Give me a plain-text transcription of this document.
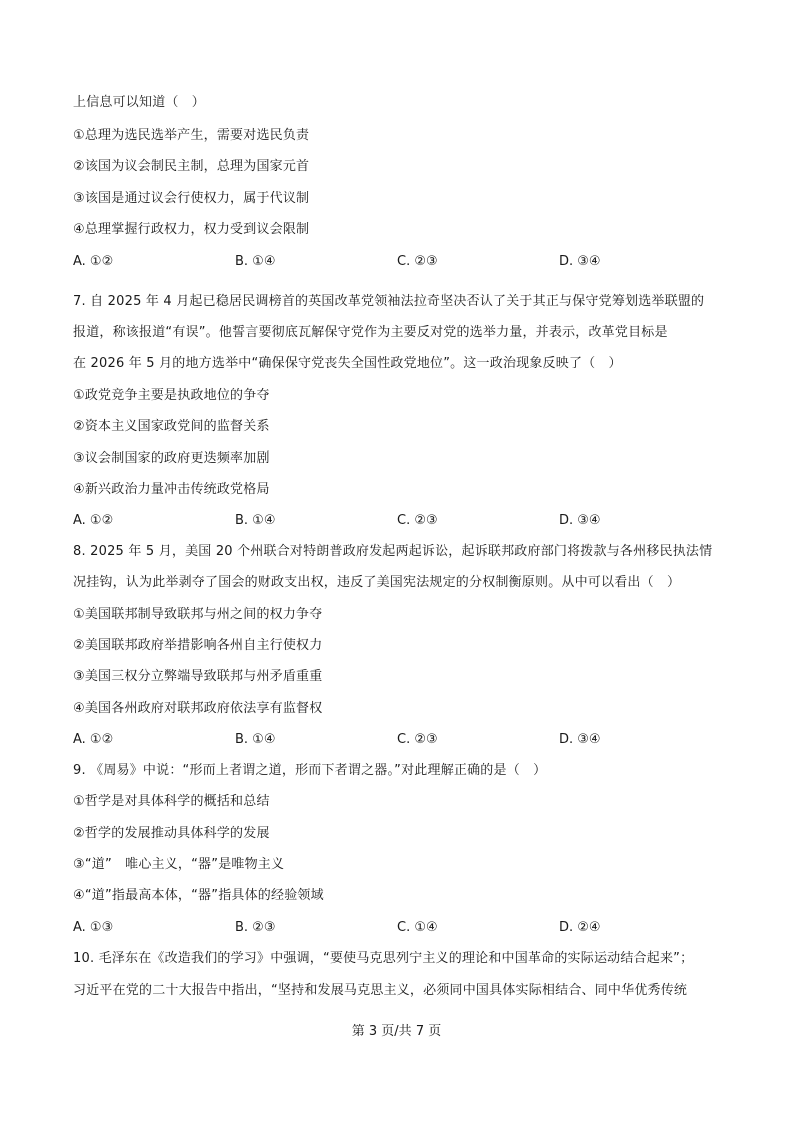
上信息可以知道（　）
①总理为选民选举产生，需要对选民负责
②该国为议会制民主制，总理为国家元首
③该国是通过议会行使权力，属于代议制
④总理掌握行政权力，权力受到议会限制
A. ①②	B. ①④	C. ②③	D. ③④
7. 自 2025 年 4 月起已稳居民调榜首的英国改革党领袖法拉奇坚决否认了关于其正与保守党筹划选举联盟的
报道，称该报道“有误”。他誓言要彻底瓦解保守党作为主要反对党的选举力量，并表示，改革党目标是
在 2026 年 5 月的地方选举中“确保保守党丧失全国性政党地位”。这一政治现象反映了（　）
①政党竞争主要是执政地位的争夺
②资本主义国家政党间的监督关系
③议会制国家的政府更迭频率加剧
④新兴政治力量冲击传统政党格局
A. ①②	B. ①④	C. ②③	D. ③④
8. 2025 年 5 月，美国 20 个州联合对特朗普政府发起两起诉讼，起诉联邦政府部门将拨款与各州移民执法情
况挂钩，认为此举剥夺了国会的财政支出权，违反了美国宪法规定的分权制衡原则。从中可以看出（　）
①美国联邦制导致联邦与州之间的权力争夺
②美国联邦政府举措影响各州自主行使权力
③美国三权分立弊端导致联邦与州矛盾重重
④美国各州政府对联邦政府依法享有监督权
A. ①②	B. ①④	C. ②③	D. ③④
9. 《周易》中说：“形而上者谓之道，形而下者谓之器。”对此理解正确的是（　）
①哲学是对具体科学的概括和总结
②哲学的发展推动具体科学的发展
③“道”　唯心主义，“器”是唯物主义
④“道”指最高本体，“器”指具体的经验领域
A. ①③	B. ②③	C. ①④	D. ②④
10. 毛泽东在《改造我们的学习》中强调，“要使马克思列宁主义的理论和中国革命的实际运动结合起来”；
习近平在党的二十大报告中指出，“坚持和发展马克思主义，必须同中国具体实际相结合、同中华优秀传统
第 3 页/共 7 页
